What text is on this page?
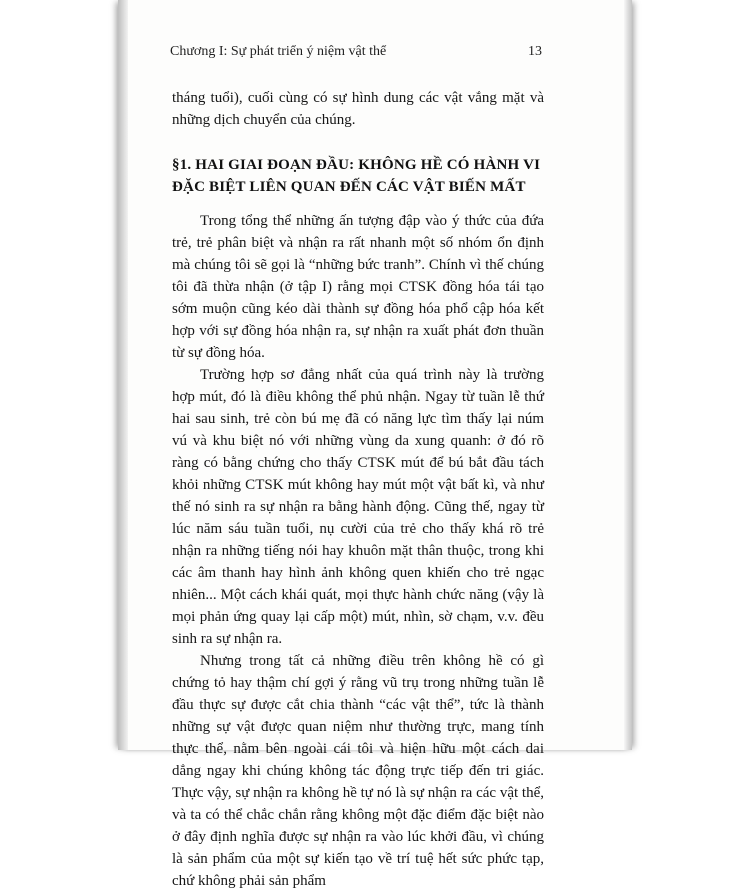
Chương I: Sự phát triển ý niệm vật thể	13

tháng tuổi), cuối cùng có sự hình dung các vật vắng mặt và những dịch chuyển của chúng.

§1. HAI GIAI ĐOẠN ĐẦU: KHÔNG HỀ CÓ HÀNH VI ĐẶC BIỆT LIÊN QUAN ĐẾN CÁC VẬT BIẾN MẤT

Trong tổng thể những ấn tượng đập vào ý thức của đứa trẻ, trẻ phân biệt và nhận ra rất nhanh một số nhóm ổn định mà chúng tôi sẽ gọi là “những bức tranh”. Chính vì thế chúng tôi đã thừa nhận (ở tập I) rằng mọi CTSK đồng hóa tái tạo sớm muộn cũng kéo dài thành sự đồng hóa phổ cập hóa kết hợp với sự đồng hóa nhận ra, sự nhận ra xuất phát đơn thuần từ sự đồng hóa.

Trường hợp sơ đẳng nhất của quá trình này là trường hợp mút, đó là điều không thể phủ nhận. Ngay từ tuần lễ thứ hai sau sinh, trẻ còn bú mẹ đã có năng lực tìm thấy lại núm vú và khu biệt nó với những vùng da xung quanh: ở đó rõ ràng có bằng chứng cho thấy CTSK mút để bú bắt đầu tách khỏi những CTSK mút không hay mút một vật bất kì, và như thế nó sinh ra sự nhận ra bằng hành động. Cũng thế, ngay từ lúc năm sáu tuần tuổi, nụ cười của trẻ cho thấy khá rõ trẻ nhận ra những tiếng nói hay khuôn mặt thân thuộc, trong khi các âm thanh hay hình ảnh không quen khiến cho trẻ ngạc nhiên... Một cách khái quát, mọi thực hành chức năng (vậy là mọi phản ứng quay lại cấp một) mút, nhìn, sờ chạm, v.v. đều sinh ra sự nhận ra.

Nhưng trong tất cả những điều trên không hề có gì chứng tỏ hay thậm chí gợi ý rằng vũ trụ trong những tuần lễ đầu thực sự được cắt chia thành “các vật thể”, tức là thành những sự vật được quan niệm như thường trực, mang tính thực thể, nằm bên ngoài cái tôi và hiện hữu một cách dai dẳng ngay khi chúng không tác động trực tiếp đến tri giác. Thực vậy, sự nhận ra không hề tự nó là sự nhận ra các vật thể, và ta có thể chắc chắn rằng không một đặc điểm đặc biệt nào ở đây định nghĩa được sự nhận ra vào lúc khởi đầu, vì chúng là sản phẩm của một sự kiến tạo về trí tuệ hết sức phức tạp, chứ không phải sản phẩm
